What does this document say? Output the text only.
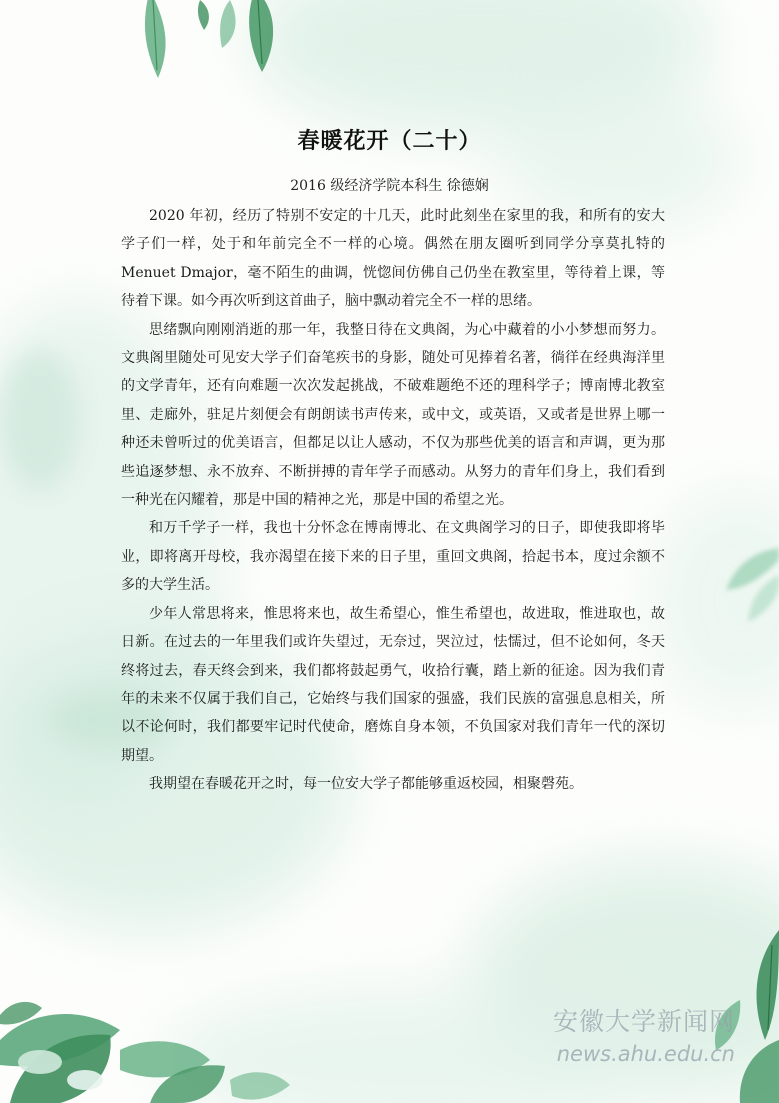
春暖花开（二十）
2016 级经济学院本科生 徐德娴

2020 年初，经历了特别不安定的十几天，此时此刻坐在家里的我，和所有的安大学子们一样，处于和年前完全不一样的心境。偶然在朋友圈听到同学分享莫扎特的 Menuet Dmajor，毫不陌生的曲调，恍惚间仿佛自己仍坐在教室里，等待着上课，等待着下课。如今再次听到这首曲子，脑中飘动着完全不一样的思绪。

思绪飘向刚刚消逝的那一年，我整日待在文典阁，为心中藏着的小小梦想而努力。文典阁里随处可见安大学子们奋笔疾书的身影，随处可见捧着名著，徜徉在经典海洋里的文学青年，还有向难题一次次发起挑战，不破难题绝不还的理科学子；博南博北教室里、走廊外，驻足片刻便会有朗朗读书声传来，或中文，或英语，又或者是世界上哪一种还未曾听过的优美语言，但都足以让人感动，不仅为那些优美的语言和声调，更为那些追逐梦想、永不放弃、不断拼搏的青年学子而感动。从努力的青年们身上，我们看到一种光在闪耀着，那是中国的精神之光，那是中国的希望之光。

和万千学子一样，我也十分怀念在博南博北、在文典阁学习的日子，即使我即将毕业，即将离开母校，我亦渴望在接下来的日子里，重回文典阁，拾起书本，度过余额不多的大学生活。

少年人常思将来，惟思将来也，故生希望心，惟生希望也，故进取，惟进取也，故日新。在过去的一年里我们或许失望过，无奈过，哭泣过，怯懦过，但不论如何，冬天终将过去，春天终会到来，我们都将鼓起勇气，收拾行囊，踏上新的征途。因为我们青年的未来不仅属于我们自己，它始终与我们国家的强盛，我们民族的富强息息相关，所以不论何时，我们都要牢记时代使命，磨炼自身本领，不负国家对我们青年一代的深切期望。

我期望在春暖花开之时，每一位安大学子都能够重返校园，相聚磬苑。

安徽大学新闻网
news.ahu.edu.cn
